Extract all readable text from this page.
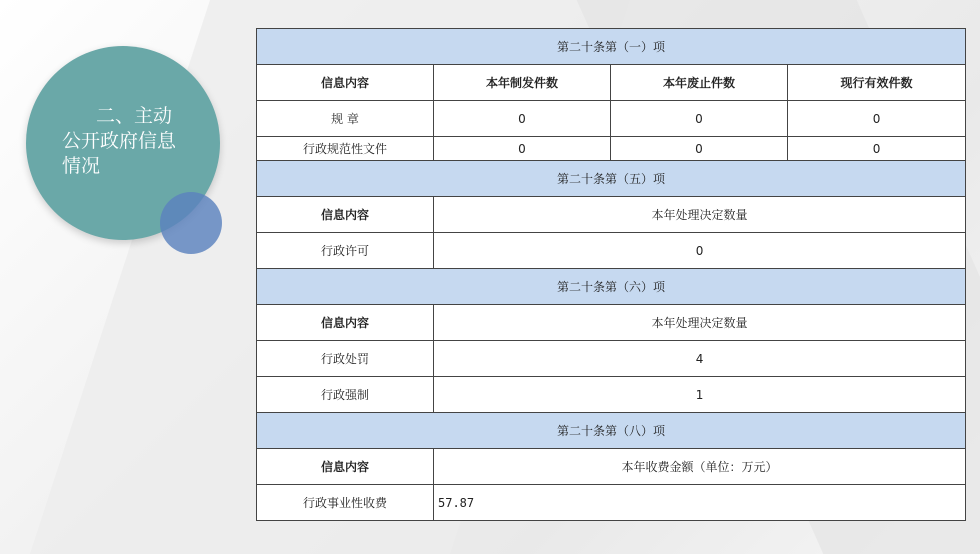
二、主动
公开政府信息
情况
第二十条第（一）项			
信息内容	本年制发件数	本年废止件数	现行有效件数
规 章	0	0	0
行政规范性文件	0	0	0
第二十条第（五）项			
信息内容	本年处理决定数量		
行政许可	0		
第二十条第（六）项			
信息内容	本年处理决定数量		
行政处罚	4		
行政强制	1		
第二十条第（八）项			
信息内容	本年收费金额（单位：万元）		
行政事业性收费	57.87		
